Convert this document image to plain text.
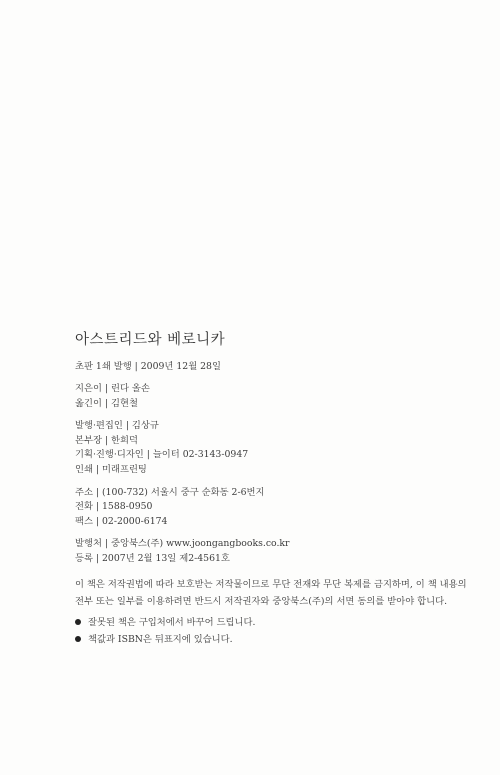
아스트리드와 베로니카
초판 1쇄 발행 | 2009년 12월 28일
지은이 | 린다 올손
옮긴이 | 김현철
발행·편집인 | 김상규
본부장 | 한희덕
기획·진행·디자인 | 늘이터 02-3143-0947
인쇄 | 미래프린팅
주소 | (100-732) 서울시 중구 순화동 2-6번지
전화 | 1588-0950
팩스 | 02-2000-6174
발행처 | 중앙북스(주) www.joongangbooks.co.kr
등록 | 2007년 2월 13일 제2-4561호
이 책은 저작권법에 따라 보호받는 저작물이므로 무단 전재와 무단 복제를 금지하며, 이 책 내용의
전부 또는 일부를 이용하려면 반드시 저작권자와 중앙북스(주)의 서면 동의를 받아야 합니다.
잘못된 책은 구입처에서 바꾸어 드립니다.
책값과 ISBN은 뒤표지에 있습니다.
